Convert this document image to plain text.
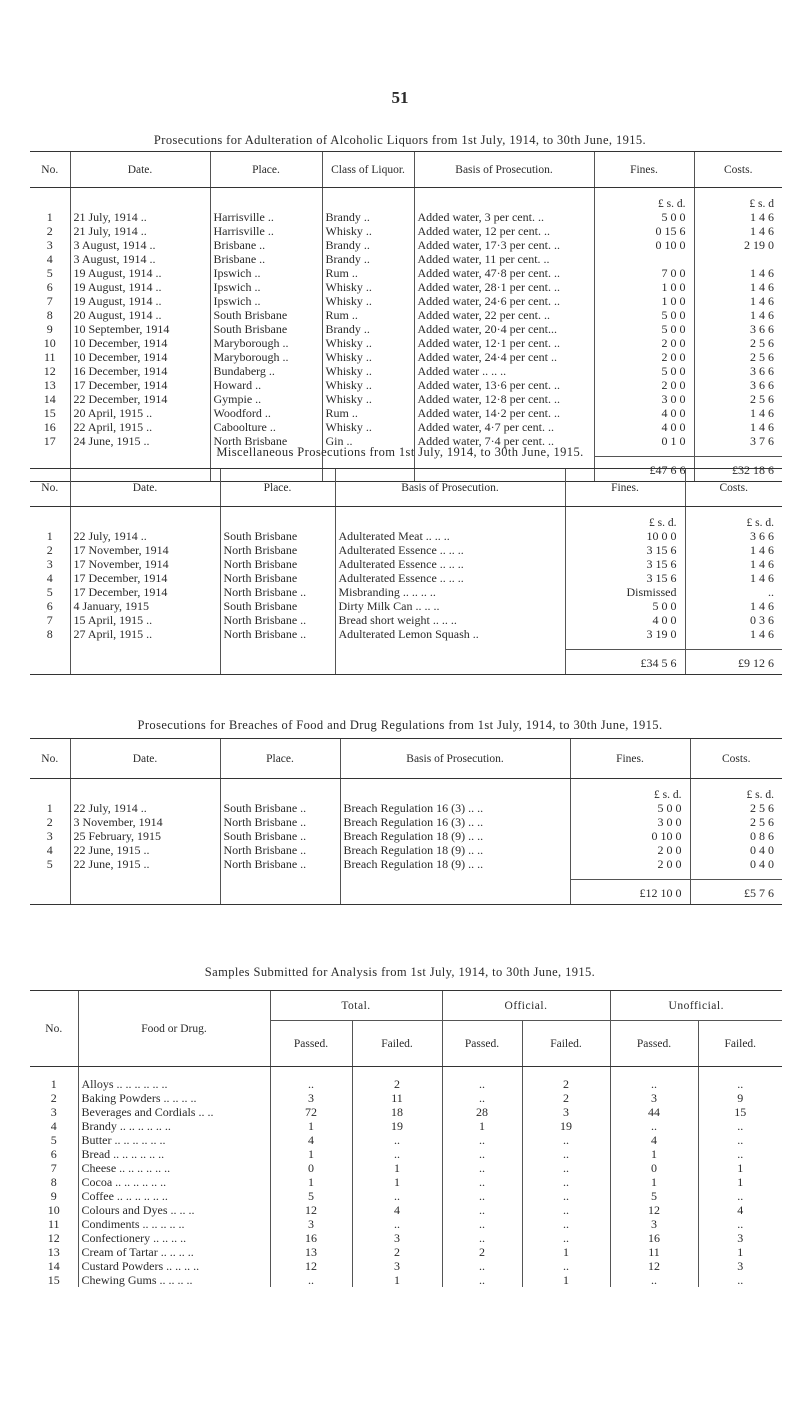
51
Prosecutions for Adulteration of Alcoholic Liquors from 1st July, 1914, to 30th June, 1915.
No.	Date.	Place.	Class of Liquor.	Basis of Prosecution.	Fines.	Costs.
					£ s. d.	£ s. d
1	21 July, 1914 ..	Harrisville ..	Brandy ..	Added water, 3 per cent. ..	5 0 0	1 4 6
2	21 July, 1914 ..	Harrisville ..	Whisky ..	Added water, 12 per cent. ..	0 15 6	1 4 6
3	3 August, 1914 ..	Brisbane ..	Brandy ..	Added water, 17·3 per cent. ..	0 10 0	2 19 0
4	3 August, 1914 ..	Brisbane ..	Brandy ..	Added water, 11 per cent. ..		
5	19 August, 1914 ..	Ipswich ..	Rum ..	Added water, 47·8 per cent. ..	7 0 0	1 4 6
6	19 August, 1914 ..	Ipswich ..	Whisky ..	Added water, 28·1 per cent. ..	1 0 0	1 4 6
7	19 August, 1914 ..	Ipswich ..	Whisky ..	Added water, 24·6 per cent. ..	1 0 0	1 4 6
8	20 August, 1914 ..	South Brisbane	Rum ..	Added water, 22 per cent. ..	5 0 0	1 4 6
9	10 September, 1914	South Brisbane	Brandy ..	Added water, 20·4 per cent...	5 0 0	3 6 6
10	10 December, 1914	Maryborough ..	Whisky ..	Added water, 12·1 per cent. ..	2 0 0	2 5 6
11	10 December, 1914	Maryborough ..	Whisky ..	Added water, 24·4 per cent ..	2 0 0	2 5 6
12	16 December, 1914	Bundaberg ..	Whisky ..	Added water .. .. ..	5 0 0	3 6 6
13	17 December, 1914	Howard ..	Whisky ..	Added water, 13·6 per cent. ..	2 0 0	3 6 6
14	22 December, 1914	Gympie ..	Whisky ..	Added water, 12·8 per cent. ..	3 0 0	2 5 6
15	20 April, 1915 ..	Woodford ..	Rum ..	Added water, 14·2 per cent. ..	4 0 0	1 4 6
16	22 April, 1915 ..	Caboolture ..	Whisky ..	Added water, 4·7 per cent. ..	4 0 0	1 4 6
17	24 June, 1915 ..	North Brisbane	Gin ..	Added water, 7·4 per cent. ..	0 1 0	3 7 6

					£47 6 6	£32 18 6
Miscellaneous Prosecutions from 1st July, 1914, to 30th June, 1915.
No.	Date.	Place.	Basis of Prosecution.	Fines.	Costs.
				£ s. d.	£ s. d.
1	22 July, 1914 ..	South Brisbane	Adulterated Meat .. .. ..	10 0 0	3 6 6
2	17 November, 1914	North Brisbane	Adulterated Essence .. .. ..	3 15 6	1 4 6
3	17 November, 1914	North Brisbane	Adulterated Essence .. .. ..	3 15 6	1 4 6
4	17 December, 1914	North Brisbane	Adulterated Essence .. .. ..	3 15 6	1 4 6
5	17 December, 1914	North Brisbane ..	Misbranding .. .. .. ..	Dismissed	..
6	4 January, 1915	South Brisbane	Dirty Milk Can .. .. ..	5 0 0	1 4 6
7	15 April, 1915 ..	North Brisbane ..	Bread short weight .. .. ..	4 0 0	0 3 6
8	27 April, 1915 ..	North Brisbane ..	Adulterated Lemon Squash ..	3 19 0	1 4 6

				£34 5 6	£9 12 6
Prosecutions for Breaches of Food and Drug Regulations from 1st July, 1914, to 30th June, 1915.
No.	Date.	Place.	Basis of Prosecution.	Fines.	Costs.
				£ s. d.	£ s. d.
1	22 July, 1914 ..	South Brisbane ..	Breach Regulation 16 (3) .. ..	5 0 0	2 5 6
2	3 November, 1914	North Brisbane ..	Breach Regulation 16 (3) .. ..	3 0 0	2 5 6
3	25 February, 1915	South Brisbane ..	Breach Regulation 18 (9) .. ..	0 10 0	0 8 6
4	22 June, 1915 ..	North Brisbane ..	Breach Regulation 18 (9) .. ..	2 0 0	0 4 0
5	22 June, 1915 ..	North Brisbane ..	Breach Regulation 18 (9) .. ..	2 0 0	0 4 0

				£12 10 0	£5 7 6
Samples Submitted for Analysis from 1st July, 1914, to 30th June, 1915.
No.	Food or Drug.	Total.		Official.		Unofficial.	
		Passed.	Failed.	Passed.	Failed.	Passed.	Failed.
1	Alloys .. .. .. .. .. ..	..	2	..	2	..	..
2	Baking Powders .. .. .. ..	3	11	..	2	3	9
3	Beverages and Cordials .. ..	72	18	28	3	44	15
4	Brandy .. .. .. .. .. ..	1	19	1	19	..	..
5	Butter .. .. .. .. .. ..	4	..	..	..	4	..
6	Bread .. .. .. .. .. ..	1	..	..	..	1	..
7	Cheese .. .. .. .. .. ..	0	1	..	..	0	1
8	Cocoa .. .. .. .. .. ..	1	1	..	..	1	1
9	Coffee .. .. .. .. .. ..	5	..	..	..	5	..
10	Colours and Dyes .. .. ..	12	4	..	..	12	4
11	Condiments .. .. .. .. ..	3	..	..	..	3	..
12	Confectionery .. .. .. ..	16	3	..	..	16	3
13	Cream of Tartar .. .. .. ..	13	2	2	1	11	1
14	Custard Powders .. .. .. ..	12	3	..	..	12	3
15	Chewing Gums .. .. .. ..	..	1	..	1	..	..
